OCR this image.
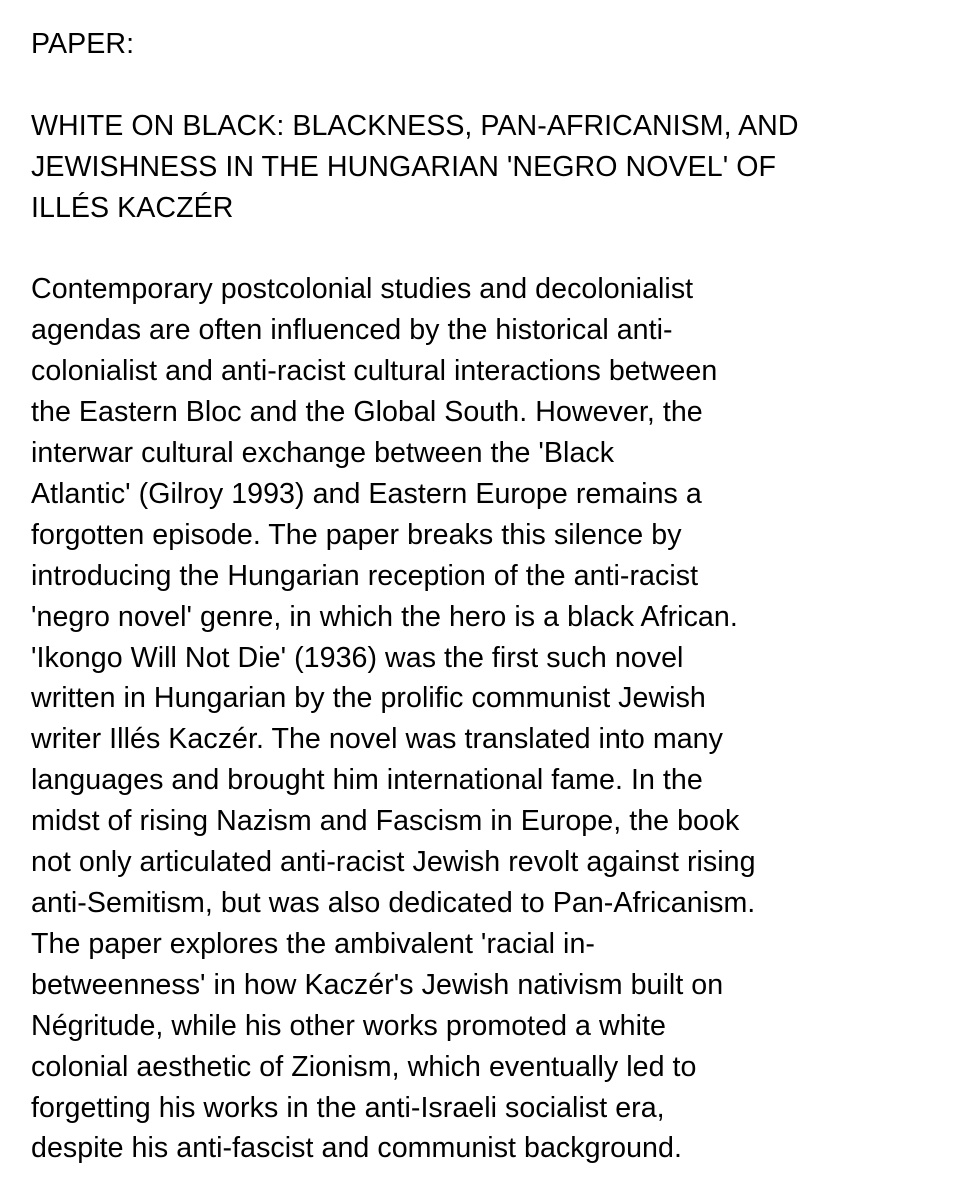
PAPER:
WHITE ON BLACK: BLACKNESS, PAN-AFRICANISM, AND
JEWISHNESS IN THE HUNGARIAN 'NEGRO NOVEL' OF
ILLÉS KACZÉR
Contemporary postcolonial studies and decolonialist
agendas are often influenced by the historical anti-
colonialist and anti-racist cultural interactions between
the Eastern Bloc and the Global South. However, the
interwar cultural exchange between the 'Black
Atlantic' (Gilroy 1993) and Eastern Europe remains a
forgotten episode. The paper breaks this silence by
introducing the Hungarian reception of the anti-racist
'negro novel' genre, in which the hero is a black African.
'Ikongo Will Not Die' (1936) was the first such novel
written in Hungarian by the prolific communist Jewish
writer Illés Kaczér. The novel was translated into many
languages and brought him international fame. In the
midst of rising Nazism and Fascism in Europe, the book
not only articulated anti-racist Jewish revolt against rising
anti-Semitism, but was also dedicated to Pan-Africanism.
The paper explores the ambivalent 'racial in-
betweenness' in how Kaczér's Jewish nativism built on
Négritude, while his other works promoted a white
colonial aesthetic of Zionism, which eventually led to
forgetting his works in the anti-Israeli socialist era,
despite his anti-fascist and communist background.
